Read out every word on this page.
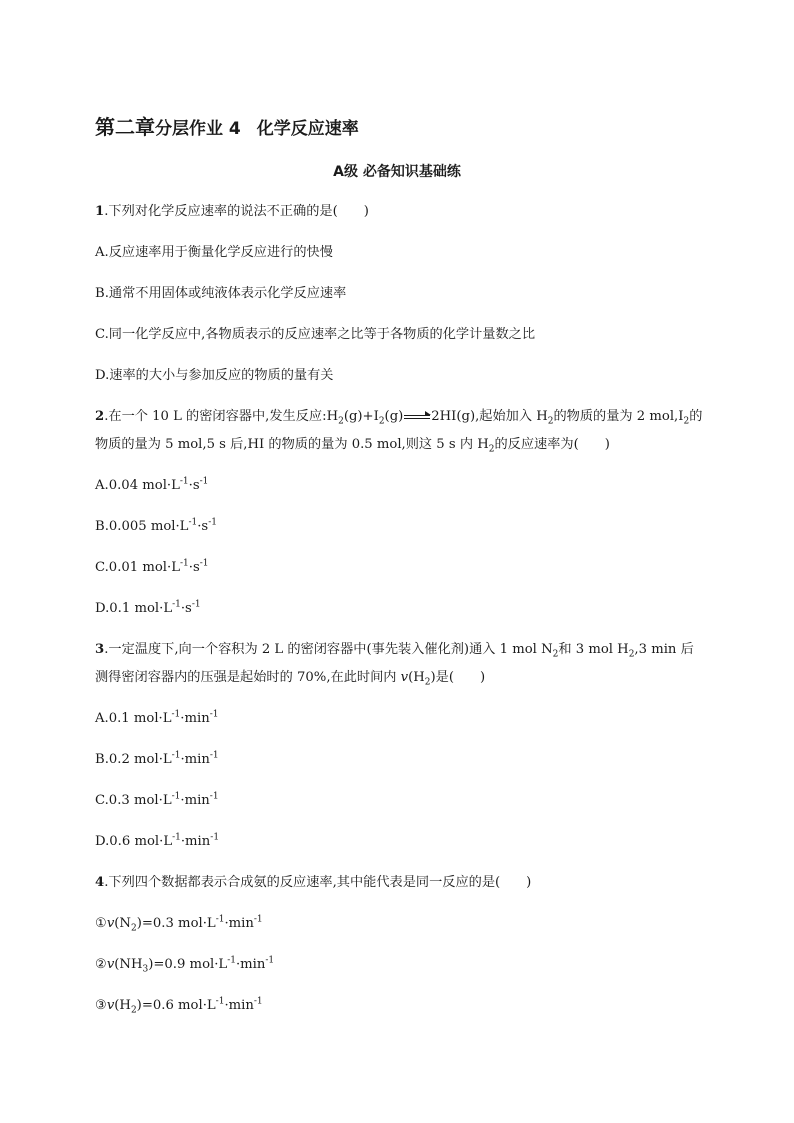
第二章分层作业 4 化学反应速率
A级 必备知识基础练
1.下列对化学反应速率的说法不正确的是( )
A.反应速率用于衡量化学反应进行的快慢
B.通常不用固体或纯液体表示化学反应速率
C.同一化学反应中,各物质表示的反应速率之比等于各物质的化学计量数之比
D.速率的大小与参加反应的物质的量有关
2.在一个 10 L 的密闭容器中,发生反应$:H_2(g)+I_2(g)\to 2HI(g)$,起始加入 $H_2$的物质的量为 2 $mol,I_2$的
物质的量为 5 mol,5 s 后,HI 的物质的量为 0.5 mol,则这 5 s 内 $H_2$的反应速率为( )
A.0.04 $mol\cdot L^{-1}\cdot s^{-1}$
B.0.005 $mol\cdot L^{-1}\cdot s^{-1}$
C.0.01 $mol\cdot L^{-1}\cdot s^{-1}$
D.0.1 $mol\cdot L^{-1}\cdot s^{-1}$
3.一定温度下,向一个容积为 2 L 的密闭容器中(事先装入催化剂)通入 1 mol $N_2$和 3 mol $H_2,3$ min 后
测得密闭容器内的压强是起始时的 70%,在此时间内 $v(H_2)$是( )
A.0.1 $mol\cdot L^{-1}\cdot\min^{-1}$
B.0.2 $mol\cdot L^{-1}\cdot\min^{-1}$
C.0.3 $mol\cdot L^{-1}\cdot\min^{-1}$
D.0.6 $mol\cdot L^{-1}\cdot\min^{-1}$
4.下列四个数据都表示合成氨的反应速率,其中能代表是同一反应的是( )
$①v(N_2)=0.3$ $mol\cdot L^{-1}\cdot\min^{-1}$
$②v(NH_3)=0.9$ $mol\cdot L^{-1}\cdot\min^{-1}$
$③v(H_2)=0.6$ $mol\cdot L^{-1}\cdot\min^{-1}$
